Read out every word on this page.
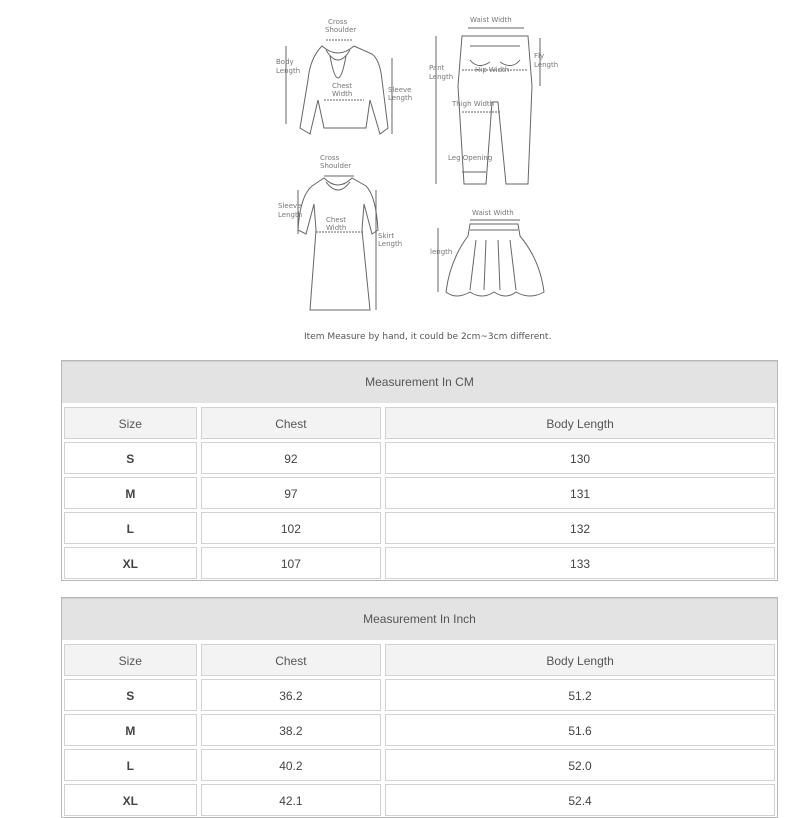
Cross
Shoulder
Body
Length
Chest
Width	Sleeve
Length
Waist Width
Pant
Length
Hip Width
Fly
Length
Thigh Width
Leg Opening
Cross
Shoulder
Sleeve
Length
Chest
Width
Skirt
Length
Waist Width
length
Item Measure by hand, it could be 2cm~3cm different.
Measurement In CM
Size	Chest	Body Length
S	92	130
M	97	131
L	102	132
XL	107	133
Measurement In Inch
Size	Chest	Body Length
S	36.2	51.2
M	38.2	51.6
L	40.2	52.0
XL	42.1	52.4
